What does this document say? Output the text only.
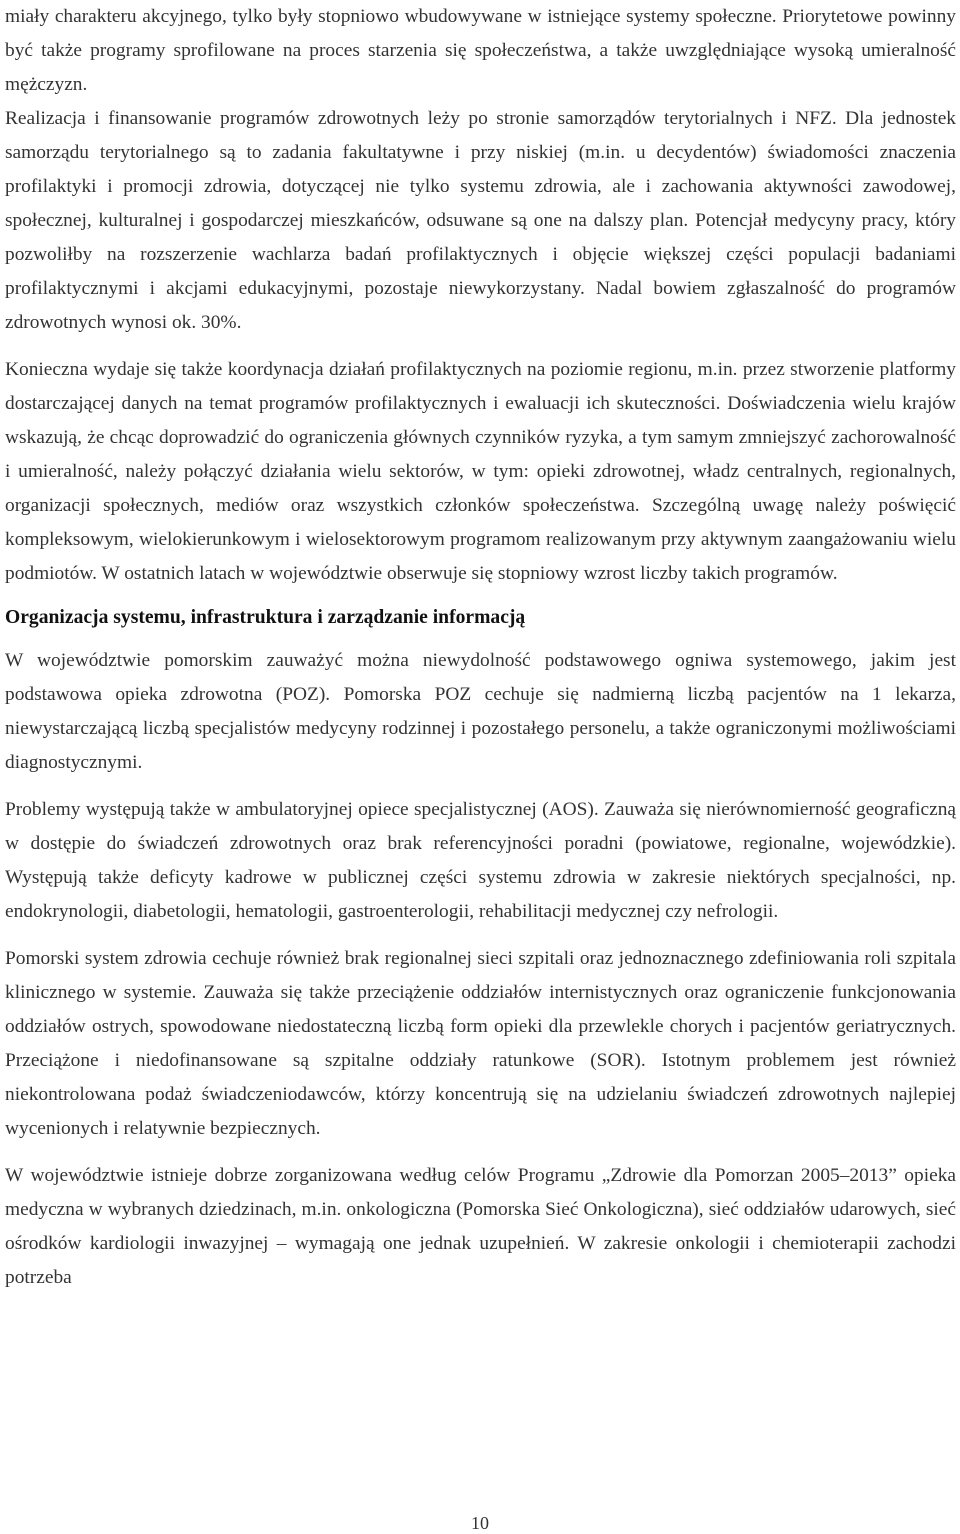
miały charakteru akcyjnego, tylko były stopniowo wbudowywane w istniejące systemy społeczne. Priorytetowe powinny być także programy sprofilowane na proces starzenia się społeczeństwa, a także uwzględniające wysoką umieralność mężczyzn.

Realizacja i finansowanie programów zdrowotnych leży po stronie samorządów terytorialnych i NFZ. Dla jednostek samorządu terytorialnego są to zadania fakultatywne i przy niskiej (m.in. u decydentów) świadomości znaczenia profilaktyki i promocji zdrowia, dotyczącej nie tylko systemu zdrowia, ale i zachowania aktywności zawodowej, społecznej, kulturalnej i gospodarczej mieszkańców, odsuwane są one na dalszy plan. Potencjał medycyny pracy, który pozwoliłby na rozszerzenie wachlarza badań profilaktycznych i objęcie większej części populacji badaniami profilaktycznymi i akcjami edukacyjnymi, pozostaje niewykorzystany. Nadal bowiem zgłaszalność do programów zdrowotnych wynosi ok. 30%.

Konieczna wydaje się także koordynacja działań profilaktycznych na poziomie regionu, m.in. przez stworzenie platformy dostarczającej danych na temat programów profilaktycznych i ewaluacji ich skuteczności. Doświadczenia wielu krajów wskazują, że chcąc doprowadzić do ograniczenia głównych czynników ryzyka, a tym samym zmniejszyć zachorowalność i umieralność, należy połączyć działania wielu sektorów, w tym: opieki zdrowotnej, władz centralnych, regionalnych, organizacji społecznych, mediów oraz wszystkich członków społeczeństwa. Szczególną uwagę należy poświęcić kompleksowym, wielokierunkowym i wielosektorowym programom realizowanym przy aktywnym zaangażowaniu wielu podmiotów. W ostatnich latach w województwie obserwuje się stopniowy wzrost liczby takich programów.

Organizacja systemu, infrastruktura i zarządzanie informacją

W województwie pomorskim zauważyć można niewydolność podstawowego ogniwa systemowego, jakim jest podstawowa opieka zdrowotna (POZ). Pomorska POZ cechuje się nadmierną liczbą pacjentów na 1 lekarza, niewystarczającą liczbą specjalistów medycyny rodzinnej i pozostałego personelu, a także ograniczonymi możliwościami diagnostycznymi.

Problemy występują także w ambulatoryjnej opiece specjalistycznej (AOS). Zauważa się nierównomierność geograficzną w dostępie do świadczeń zdrowotnych oraz brak referencyjności poradni (powiatowe, regionalne, wojewódzkie). Występują także deficyty kadrowe w publicznej części systemu zdrowia w zakresie niektórych specjalności, np. endokrynologii, diabetologii, hematologii, gastroenterologii, rehabilitacji medycznej czy nefrologii.

Pomorski system zdrowia cechuje również brak regionalnej sieci szpitali oraz jednoznacznego zdefiniowania roli szpitala klinicznego w systemie. Zauważa się także przeciążenie oddziałów internistycznych oraz ograniczenie funkcjonowania oddziałów ostrych, spowodowane niedostateczną liczbą form opieki dla przewlekle chorych i pacjentów geriatrycznych. Przeciążone i niedofinansowane są szpitalne oddziały ratunkowe (SOR). Istotnym problemem jest również niekontrolowana podaż świadczeniodawców, którzy koncentrują się na udzielaniu świadczeń zdrowotnych najlepiej wycenionych i relatywnie bezpiecznych.

W województwie istnieje dobrze zorganizowana według celów Programu „Zdrowie dla Pomorzan 2005–2013” opieka medyczna w wybranych dziedzinach, m.in. onkologiczna (Pomorska Sieć Onkologiczna), sieć oddziałów udarowych, sieć ośrodków kardiologii inwazyjnej – wymagają one jednak uzupełnień. W zakresie onkologii i chemioterapii zachodzi potrzeba

10
